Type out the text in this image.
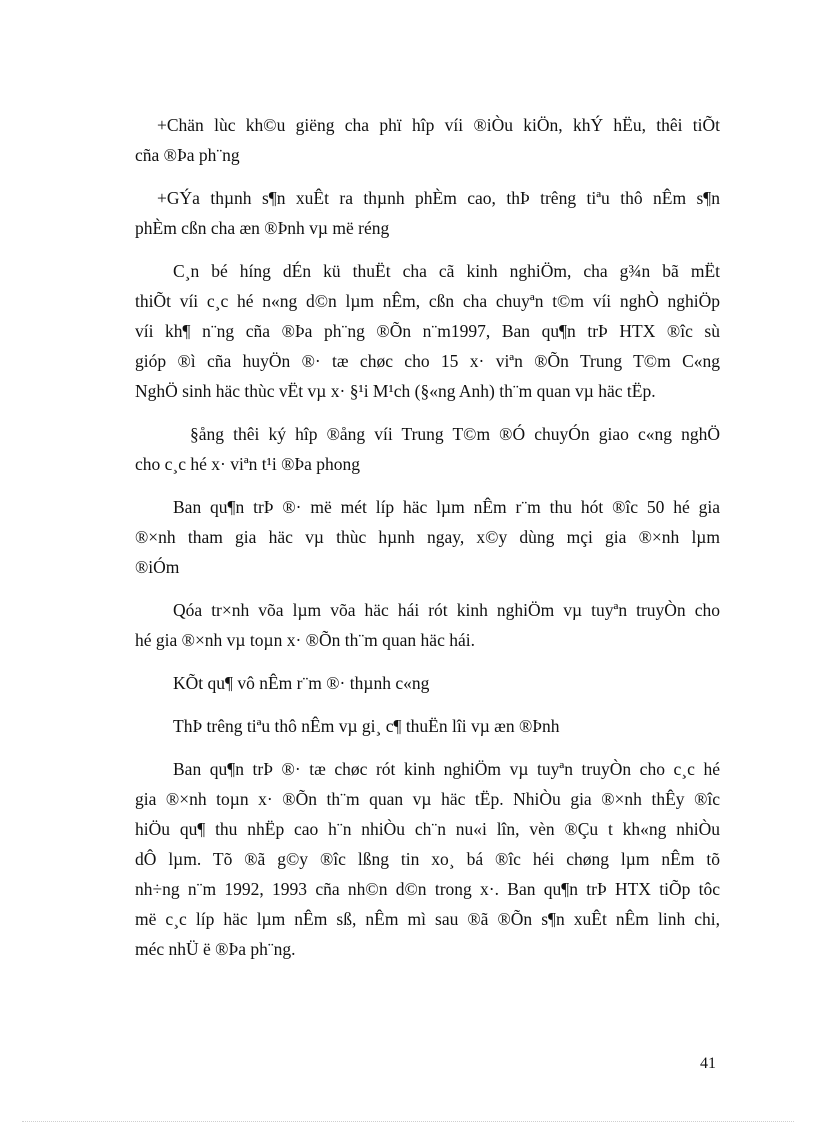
+Chän lùc kh©u giëng cha phï hîp víi ®iÒu kiÖn, khÝ hËu, thêi tiÕt
cña ®Þa ph¨ng

+GÝa thµnh s¶n xuÊt ra thµnh phÈm cao, thÞ trêng tiªu thô nÊm s¶n
phÈm cßn cha æn ®Þnh vµ më réng

C¸n bé híng dÉn kü thuËt cha cã kinh nghiÖm, cha g¾n bã mËt
thiÕt víi c¸c hé n«ng d©n lµm nÊm, cßn cha chuyªn t©m víi nghÒ nghiÖp
víi kh¶ n¨ng cña ®Þa ph¨ng ®Õn n¨m1997, Ban qu¶n trÞ HTX ®îc sù
gióp ®ì cña huyÖn ®· tæ chøc cho 15 x· viªn ®Õn Trung T©m C«ng
NghÖ sinh häc thùc vËt vµ x· §¹i M¹ch (§«ng Anh) th¨m quan vµ häc tËp.

§ång thêi ký hîp ®ång víi Trung T©m ®Ó chuyÓn giao c«ng nghÖ
cho c¸c hé x· viªn t¹i ®Þa phong

Ban qu¶n trÞ ®· më mét líp häc lµm nÊm r¨m thu hót ®îc 50 hé gia
®×nh tham gia häc vµ thùc hµnh ngay, x©y dùng mçi gia ®×nh lµm
®iÓm

Qóa tr×nh võa lµm võa häc hái rót kinh nghiÖm vµ tuyªn truyÒn cho
hé gia ®×nh vµ toµn x· ®Õn th¨m quan häc hái.

KÕt qu¶ vô nÊm r¨m ®· thµnh c«ng

ThÞ trêng tiªu thô nÊm vµ gi¸ c¶ thuËn lîi vµ æn ®Þnh

Ban qu¶n trÞ ®· tæ chøc rót kinh nghiÖm vµ tuyªn truyÒn cho c¸c hé
gia ®×nh toµn x· ®Õn th¨m quan vµ häc tËp. NhiÒu gia ®×nh thÊy ®îc
hiÖu qu¶ thu nhËp cao h¨n nhiÒu ch¨n nu«i lîn, vèn ®Çu t kh«ng nhiÒu
dÔ lµm. Tõ ®ã g©y ®îc lßng tin xo¸ bá ®îc héi chøng lµm nÊm tõ
nh÷ng n¨m 1992, 1993 cña nh©n d©n trong x·. Ban qu¶n trÞ HTX tiÕp tôc
më c¸c líp häc lµm nÊm sß, nÊm mì sau ®ã ®Õn s¶n xuÊt nÊm linh chi,
méc nhÜ ë ®Þa ph¨ng.

41
